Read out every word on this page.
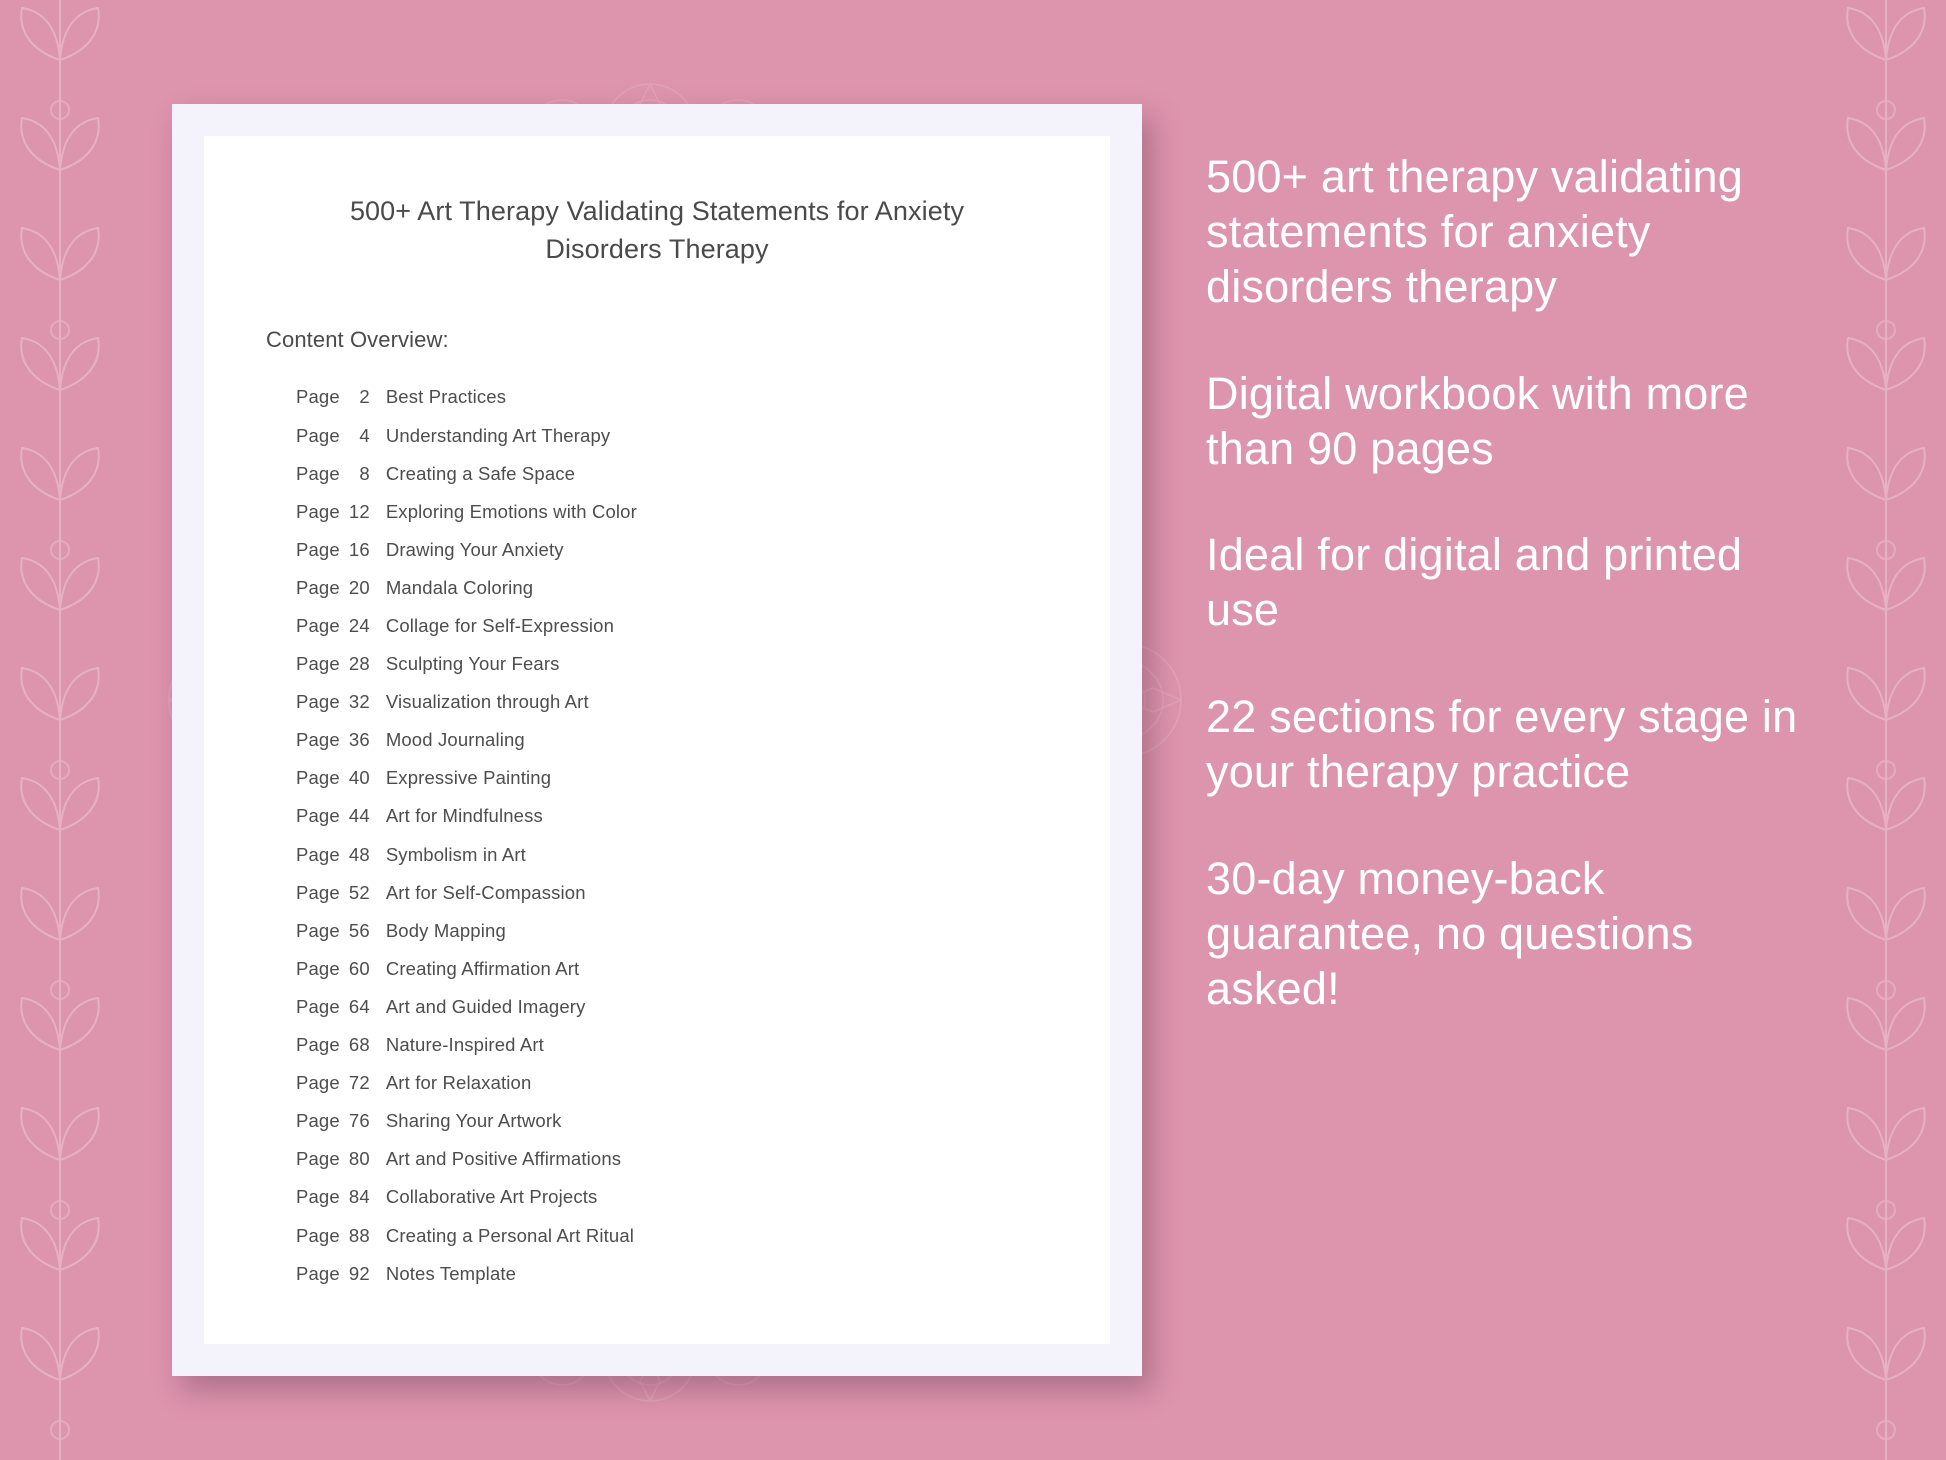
500+ Art Therapy Validating Statements for Anxiety Disorders Therapy
Content Overview:
Page	2 Best Practices
Page	4 Understanding Art Therapy
Page	8 Creating a Safe Space
Page 12 Exploring Emotions with Color
Page 16 Drawing Your Anxiety
Page 20 Mandala Coloring
Page 24 Collage for Self-Expression
Page 28 Sculpting Your Fears
Page 32 Visualization through Art
Page 36 Mood Journaling
Page 40 Expressive Painting
Page 44 Art for Mindfulness
Page 48 Symbolism in Art
Page 52 Art for Self-Compassion
Page 56 Body Mapping
Page 60 Creating Affirmation Art
Page 64 Art and Guided Imagery
Page 68 Nature-Inspired Art
Page 72 Art for Relaxation
Page 76 Sharing Your Artwork
Page 80 Art and Positive Affirmations
Page 84 Collaborative Art Projects
Page 88 Creating a Personal Art Ritual
Page 92 Notes Template
500+ art therapy validating statements for anxiety disorders therapy
Digital workbook with more than 90 pages
Ideal for digital and printed use
22 sections for every stage in your therapy practice
30-day money-back guarantee, no questions asked!
